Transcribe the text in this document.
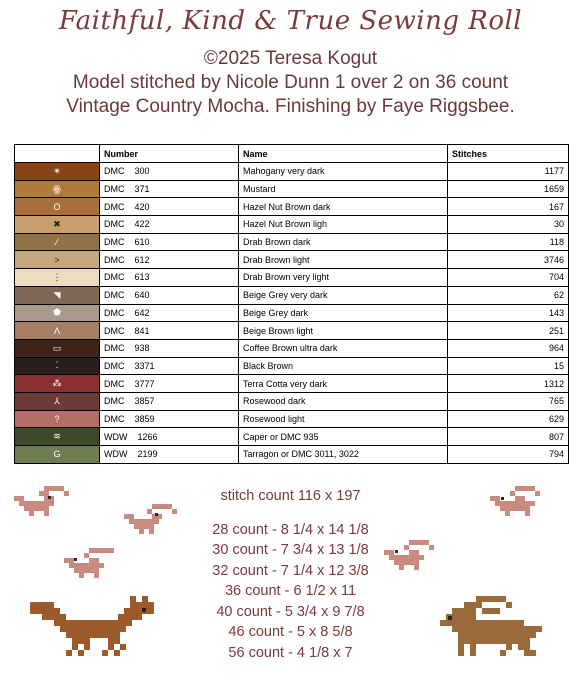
Faithful, Kind & True Sewing Roll
©2025 Teresa Kogut
Model stitched by Nicole Dunn 1 over 2 on 36 count
Vintage Country Mocha. Finishing by Faye Riggsbee.
	Number	Name	Stitches
✶	DMC 300	Mahogany very dark	1177
ꙮ	DMC 371	Mustard	1659
O	DMC 420	Hazel Nut Brown dark	167
✖	DMC 422	Hazel Nut Brown ligh	30
⁄	DMC 610	Drab Brown dark	118
>	DMC 612	Drab Brown light	3746
⋮	DMC 613	Drab Brown very light	704
◥	DMC 640	Beige Grey very dark	62
⬟	DMC 642	Beige Grey dark	143
Λ	DMC 841	Beige Brown light	251
▭	DMC 938	Coffee Brown ultra dark	964
⁚	DMC 3371	Black Brown	15
⁂	DMC 3777	Terra Cotta very dark	1312
⅄	DMC 3857	Rosewood dark	765
?	DMC 3859	Rosewood light	629
≋	WDW 1266	Caper or DMC 935	807
G	WDW 2199	Tarragon or DMC 3011, 3022	794
stitch count 116 x 197
28 count - 8 1/4 x 14 1/8
30 count - 7 3/4 x 13 1/8
32 count - 7 1/4 x 12 3/8
36 count - 6 1/2 x 11
40 count - 5 3/4 x 9 7/8
46 count - 5 x 8 5/8
56 count - 4 1/8 x 7
